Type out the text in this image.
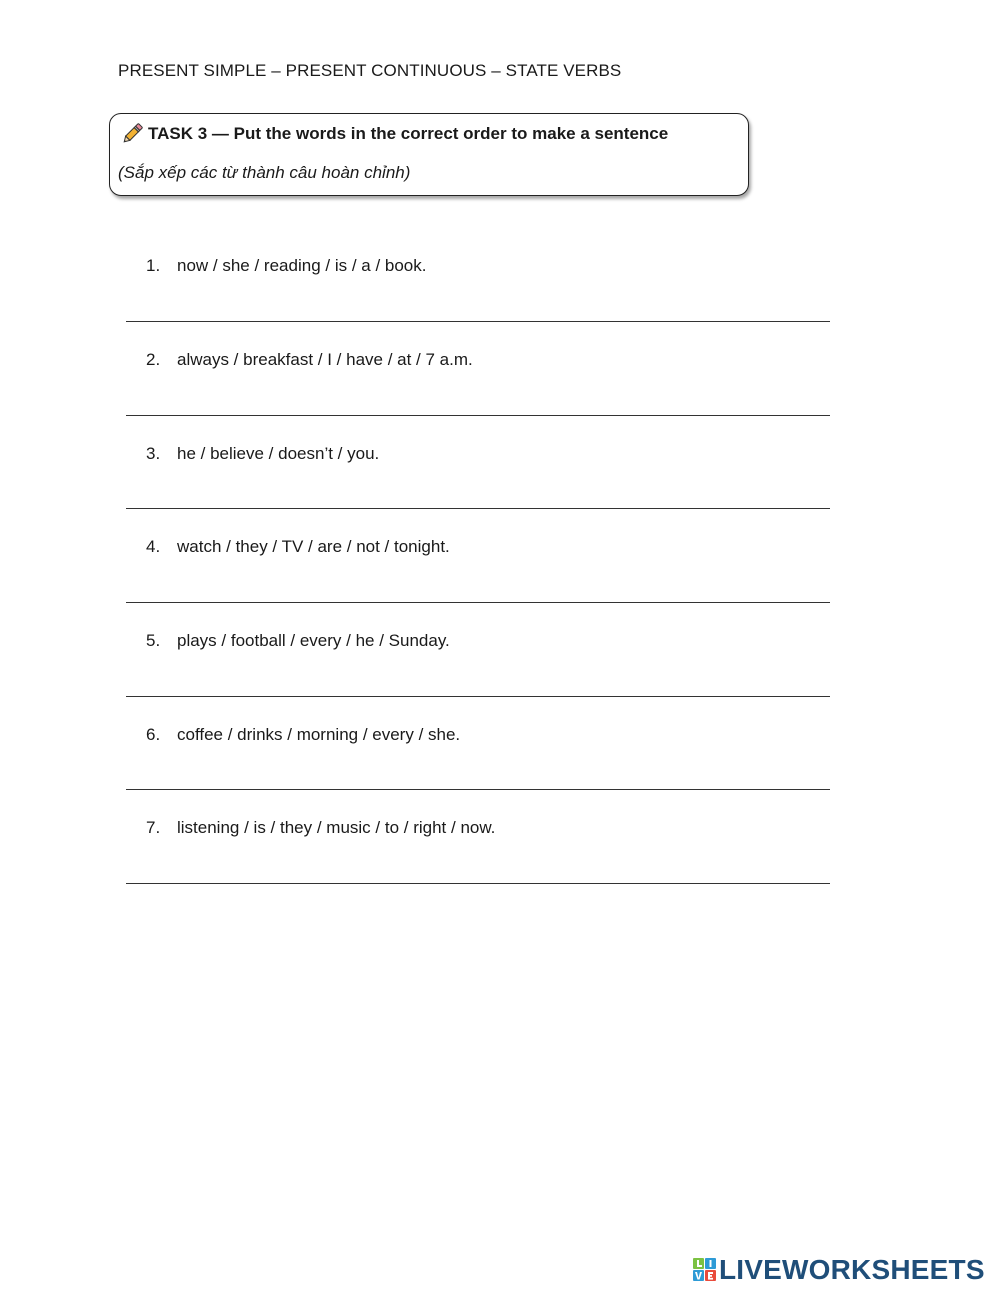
PRESENT SIMPLE – PRESENT CONTINUOUS – STATE VERBS
TASK 3 — Put the words in the correct order to make a sentence
(Sắp xếp các từ thành câu hoàn chỉnh)
1. now / she / reading / is / a / book.
2. always / breakfast / I / have / at / 7 a.m.
3. he / believe / doesn’t / you.
4. watch / they / TV / are / not / tonight.
5. plays / football / every / he / Sunday.
6. coffee / drinks / morning / every / she.
7. listening / is / they / music / to / right / now.
LIVEWORKSHEETS
